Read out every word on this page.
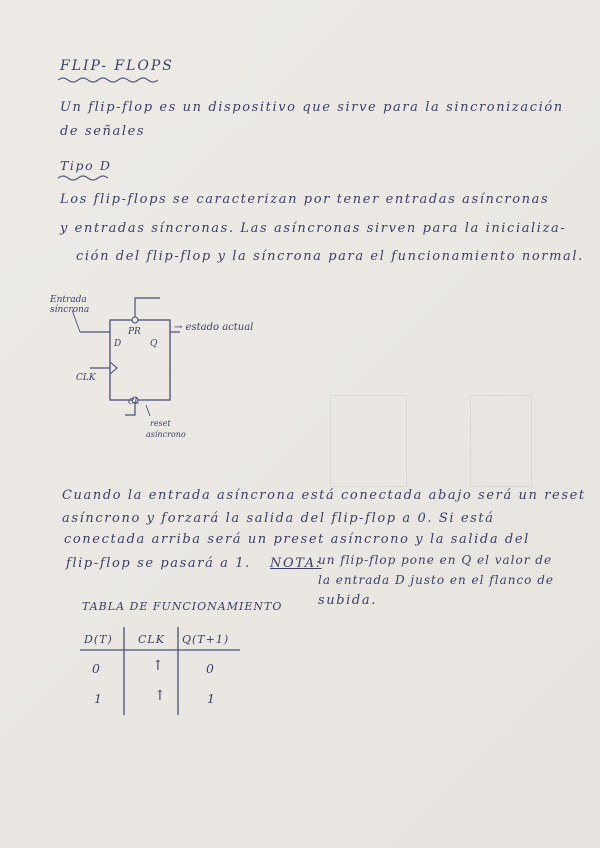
FLIP- FLOPS
Un flip-flop es un dispositivo que sirve para la sincronización
de señales
Tipo D
Los flip-flops se caracterizan por tener entradas asíncronas
y entradas síncronas. Las asíncronas sirven para la inicializa-
ción del flip-flop y la síncrona para el funcionamiento normal.
Entrada
síncrona
PR
D	Q
→ estado actual
CLK
CL
reset
asíncrono
Cuando la entrada asíncrona está conectada abajo será un reset
asíncrono y forzará la salida del flip-flop a 0. Si está
conectada arriba será un preset asíncrono y la salida del
flip-flop se pasará a 1. NOTA:
un flip-flop pone en Q el valor de
la entrada D justo en el flanco de
subida.
TABLA DE FUNCIONAMIENTO
D(T) CLK Q(T+1)
0	↑	0
1	↑	1
